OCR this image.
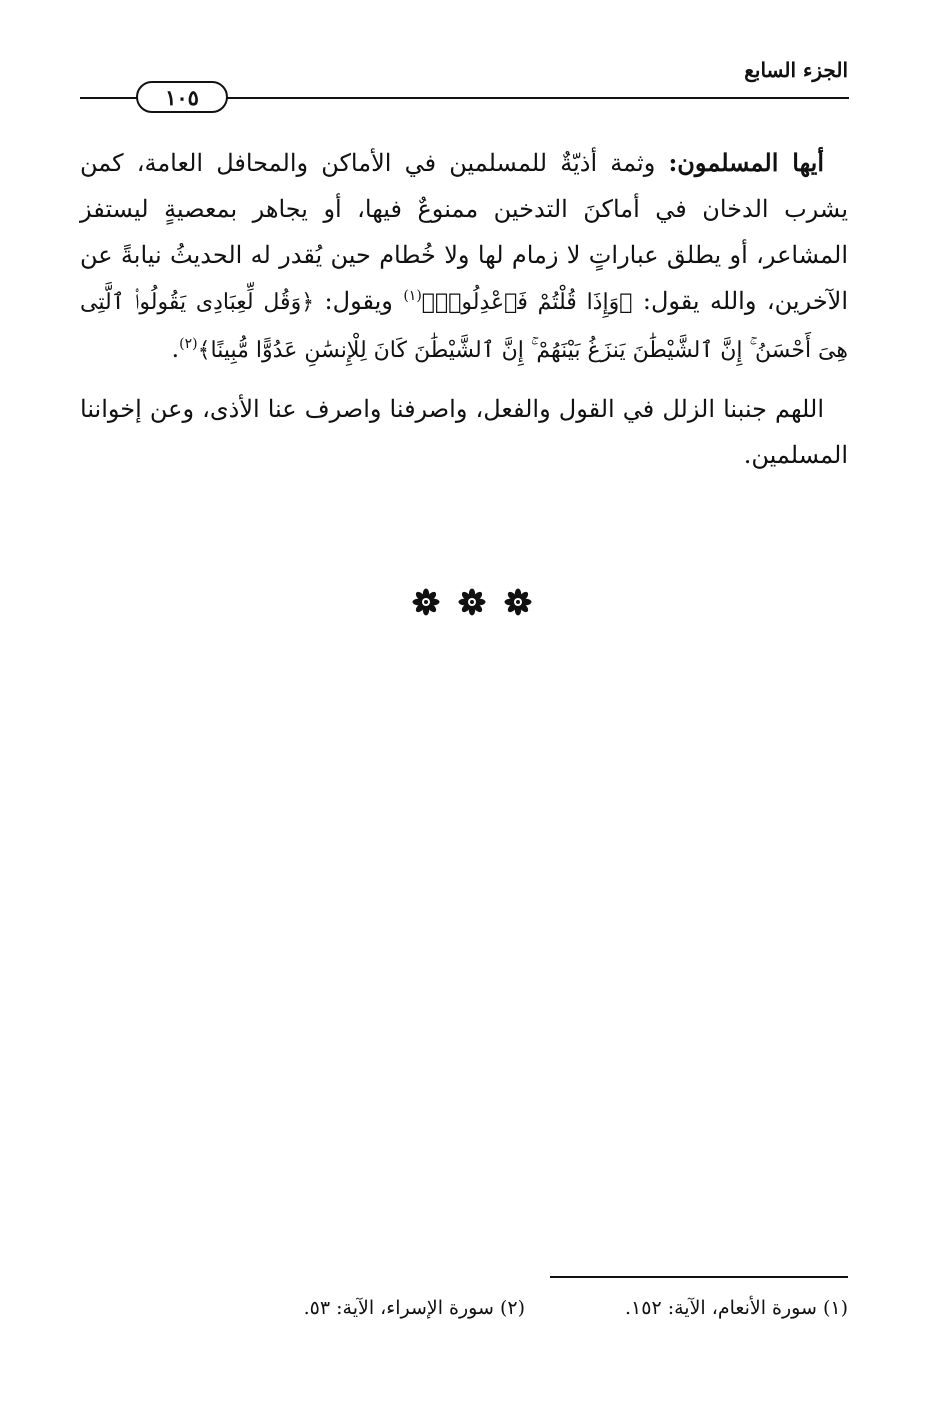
الجزء السابع
١٠٥

أيها المسلمون: وثمة أذيّةٌ للمسلمين في الأماكن والمحافل العامة، كمن يشرب الدخان في أماكنَ التدخين ممنوعٌ فيها، أو يجاهر بمعصيةٍ ليستفز المشاعر، أو يطلق عباراتٍ لا زمام لها ولا خُطام حين يُقدر له الحديثُ نيابةً عن الآخرين، والله يقول: ﴿وَإِذَا قُلْتُمْ فَٱعْدِلُوا۟﴾$^{(١)}$ ويقول: ﴿وَقُل لِّعِبَادِى يَقُولُوا۟ ٱلَّتِى هِىَ أَحْسَنُ ۚ إِنَّ ٱلشَّيْطَٰنَ يَنزَغُ بَيْنَهُمْ ۚ إِنَّ ٱلشَّيْطَٰنَ كَانَ لِلْإِنسَٰنِ عَدُوًّا مُّبِينًا﴾$^{(٢)}$.

اللهم جنبنا الزلل في القول والفعل، واصرفنا واصرف عنا الأذى، وعن إخواننا المسلمين.

(١) سورة الأنعام، الآية: ١٥٢.
(٢) سورة الإسراء، الآية: ٥٣.
